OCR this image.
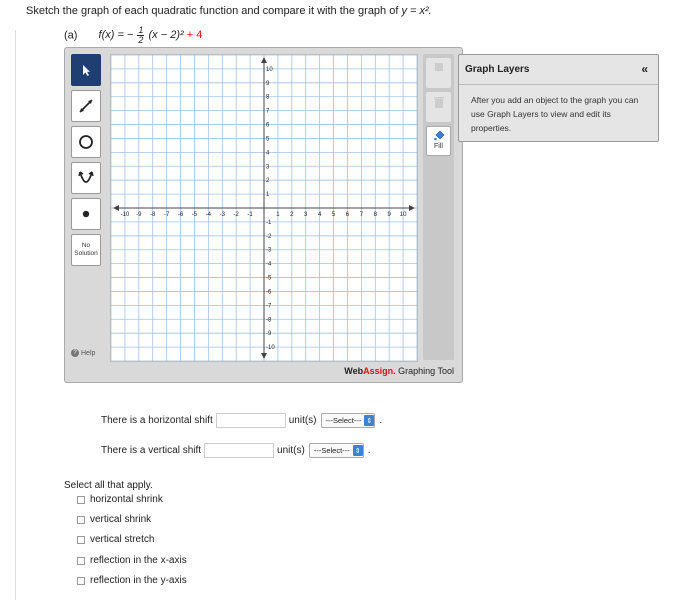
Sketch the graph of each quadratic function and compare it with the graph of y = x².
(a) f(x) = − $\frac{1}{2} (x - 2)^2 + 4$
No
Solution
? Help
-10 -9 -8 -7 -6 -5 -4 -3 -2 -1	1 2 3 4 5 6 7 8 9 10
10
9
8
7
6
5
4
3
2
1
-1
-2
-3
-4
-5
-6
-7
-8
-9
-10
Fill
WebAssign. Graphing Tool
Graph Layers	«
After you add an object to the graph you can use Graph Layers to view and edit its properties.
There is a horizontal shift	unit(s) ---Select--- ⇕ .
There is a vertical shift	unit(s) ---Select--- ⇕ .
Select all that apply.
horizontal shrink
vertical shrink
vertical stretch
reflection in the x-axis
reflection in the y-axis
